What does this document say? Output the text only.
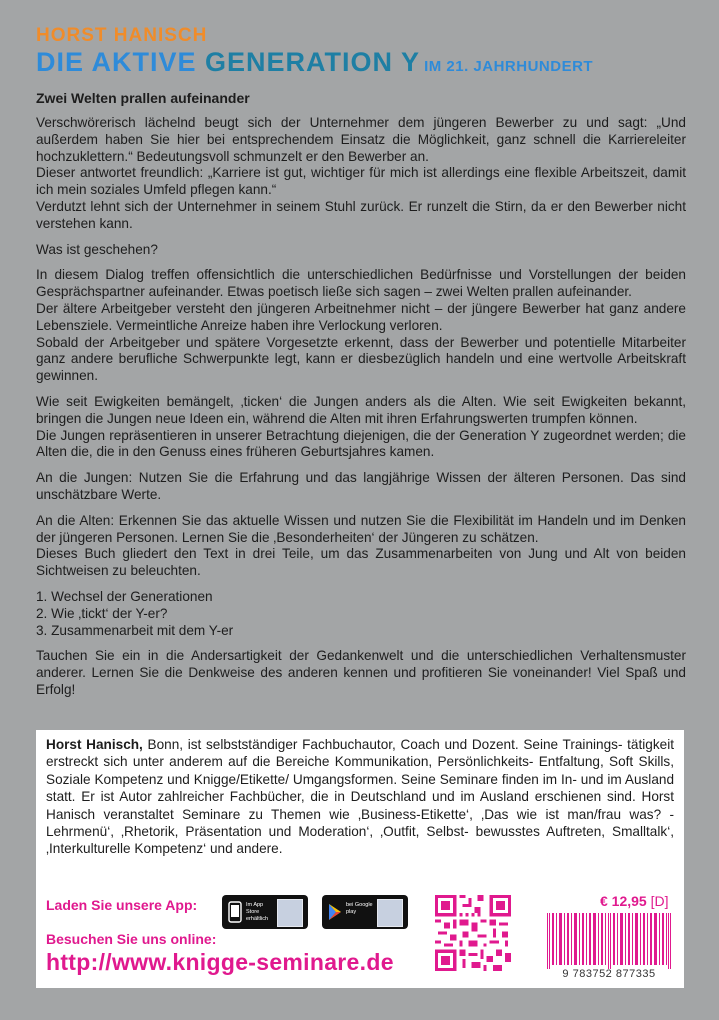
HORST HANISCH
DIE AKTIVE GENERATION Y IM 21. JAHRHUNDERT
Zwei Welten prallen aufeinander

Verschwörerisch lächelnd beugt sich der Unternehmer dem jüngeren Bewerber zu und sagt: „Und außerdem haben Sie hier bei entsprechendem Einsatz die Möglichkeit, ganz schnell die Karriereleiter hochzuklettern.“ Bedeutungsvoll schmunzelt er den Bewerber an.
Dieser antwortet freundlich: „Karriere ist gut, wichtiger für mich ist allerdings eine flexible Arbeitszeit, damit ich mein soziales Umfeld pflegen kann.“
Verdutzt lehnt sich der Unternehmer in seinem Stuhl zurück. Er runzelt die Stirn, da er den Bewerber nicht verstehen kann.

Was ist geschehen?

In diesem Dialog treffen offensichtlich die unterschiedlichen Bedürfnisse und Vorstellungen der beiden Gesprächspartner aufeinander. Etwas poetisch ließe sich sagen – zwei Welten prallen aufeinander.
Der ältere Arbeitgeber versteht den jüngeren Arbeitnehmer nicht – der jüngere Bewerber hat ganz andere Lebensziele. Vermeintliche Anreize haben ihre Verlockung verloren.
Sobald der Arbeitgeber und spätere Vorgesetzte erkennt, dass der Bewerber und potentielle Mitarbeiter ganz andere berufliche Schwerpunkte legt, kann er diesbezüglich handeln und eine wertvolle Arbeitskraft gewinnen.

Wie seit Ewigkeiten bemängelt, ‚ticken‘ die Jungen anders als die Alten. Wie seit Ewigkeiten bekannt, bringen die Jungen neue Ideen ein, während die Alten mit ihren Erfahrungswerten trumpfen können.
Die Jungen repräsentieren in unserer Betrachtung diejenigen, die der Generation Y zugeordnet werden; die Alten die, die in den Genuss eines früheren Geburtsjahres kamen.

An die Jungen: Nutzen Sie die Erfahrung und das langjährige Wissen der älteren Personen. Das sind unschätzbare Werte.

An die Alten: Erkennen Sie das aktuelle Wissen und nutzen Sie die Flexibilität im Handeln und im Denken der jüngeren Personen. Lernen Sie die ‚Besonderheiten‘ der Jüngeren zu schätzen.
Dieses Buch gliedert den Text in drei Teile, um das Zusammenarbeiten von Jung und Alt von beiden Sichtweisen zu beleuchten.

1. Wechsel der Generationen
2. Wie ‚tickt‘ der Y-er?
3. Zusammenarbeit mit dem Y-er

Tauchen Sie ein in die Andersartigkeit der Gedankenwelt und die unterschiedlichen Verhaltensmuster anderer. Lernen Sie die Denkweise des anderen kennen und profitieren Sie voneinander! Viel Spaß und Erfolg!

Horst Hanisch, Bonn, ist selbstständiger Fachbuchautor, Coach und Dozent. Seine Trainings- tätigkeit erstreckt sich unter anderem auf die Bereiche Kommunikation, Persönlichkeits- Entfaltung, Soft Skills, Soziale Kompetenz und Knigge/Etikette/ Umgangsformen. Seine Seminare finden im In- und im Ausland statt. Er ist Autor zahlreicher Fachbücher, die in Deutschland und im Ausland erschienen sind. Horst Hanisch veranstaltet Seminare zu Themen wie ‚Business-Etikette‘, ‚Das wie ist man/frau was? - Lehrmenü‘, ‚Rhetorik, Präsentation und Moderation‘, ‚Outfit, Selbst- bewusstes Auftreten, Smalltalk‘, ‚Interkulturelle Kompetenz‘ und andere.
Laden Sie unsere App:	Im App Store erhältlich
bei Google play
€ 12,95 [D]
9 783752 877335
Besuchen Sie uns online:
http://www.knigge-seminare.de
